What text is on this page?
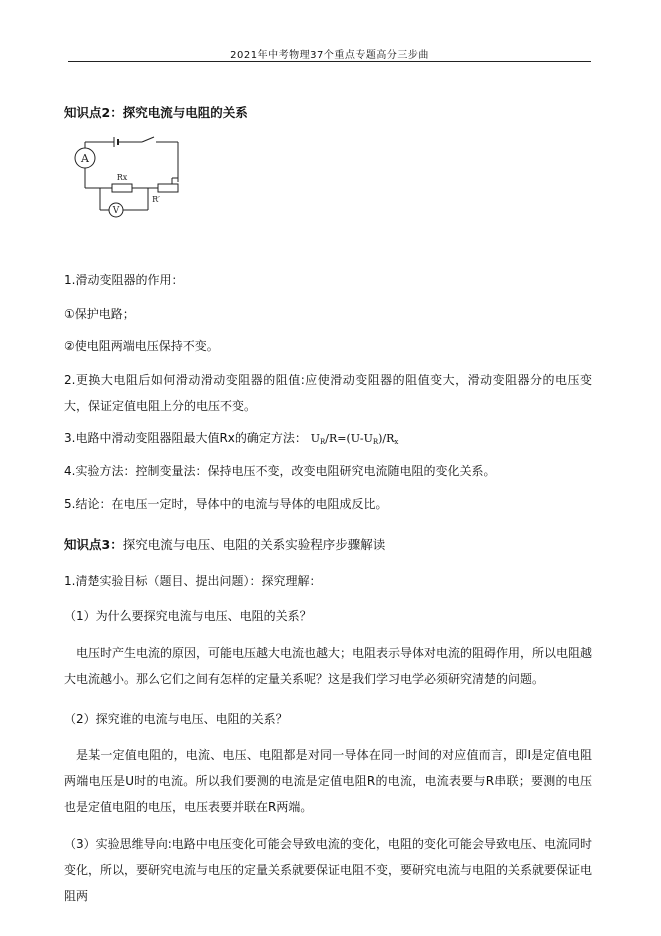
2021年中考物理37个重点专题高分三步曲
知识点2：探究电流与电阻的关系
A
V
Rx
R′
1.滑动变阻器的作用：
①保护电路；
②使电阻两端电压保持不变。
2.更换大电阻后如何滑动滑动变阻器的阻值:应使滑动变阻器的阻值变大，滑动变阻器分的电压变大，保证定值电阻上分的电压不变。
3.电路中滑动变阻器阻最大值Rx的确定方法： $U_R/R=(U-U_R)/R_x$
4.实验方法：控制变量法：保持电压不变，改变电阻研究电流随电阻的变化关系。
5.结论：在电压一定时，导体中的电流与导体的电阻成反比。
知识点3：探究电流与电压、电阻的关系实验程序步骤解读
1.清楚实验目标（题目、提出问题）：探究理解：
（1）为什么要探究电流与电压、电阻的关系？
电压时产生电流的原因，可能电压越大电流也越大；电阻表示导体对电流的阻碍作用，所以电阻越大电流越小。那么它们之间有怎样的定量关系呢？这是我们学习电学必须研究清楚的问题。
（2）探究谁的电流与电压、电阻的关系？
是某一定值电阻的，电流、电压、电阻都是对同一导体在同一时间的对应值而言，即I是定值电阻两端电压是U时的电流。所以我们要测的电流是定值电阻R的电流，电流表要与R串联；要测的电压也是定值电阻的电压，电压表要并联在R两端。
（3）实验思维导向:电路中电压变化可能会导致电流的变化，电阻的变化可能会导致电压、电流同时变化，所以，要研究电流与电压的定量关系就要保证电阻不变，要研究电流与电阻的关系就要保证电阻两
